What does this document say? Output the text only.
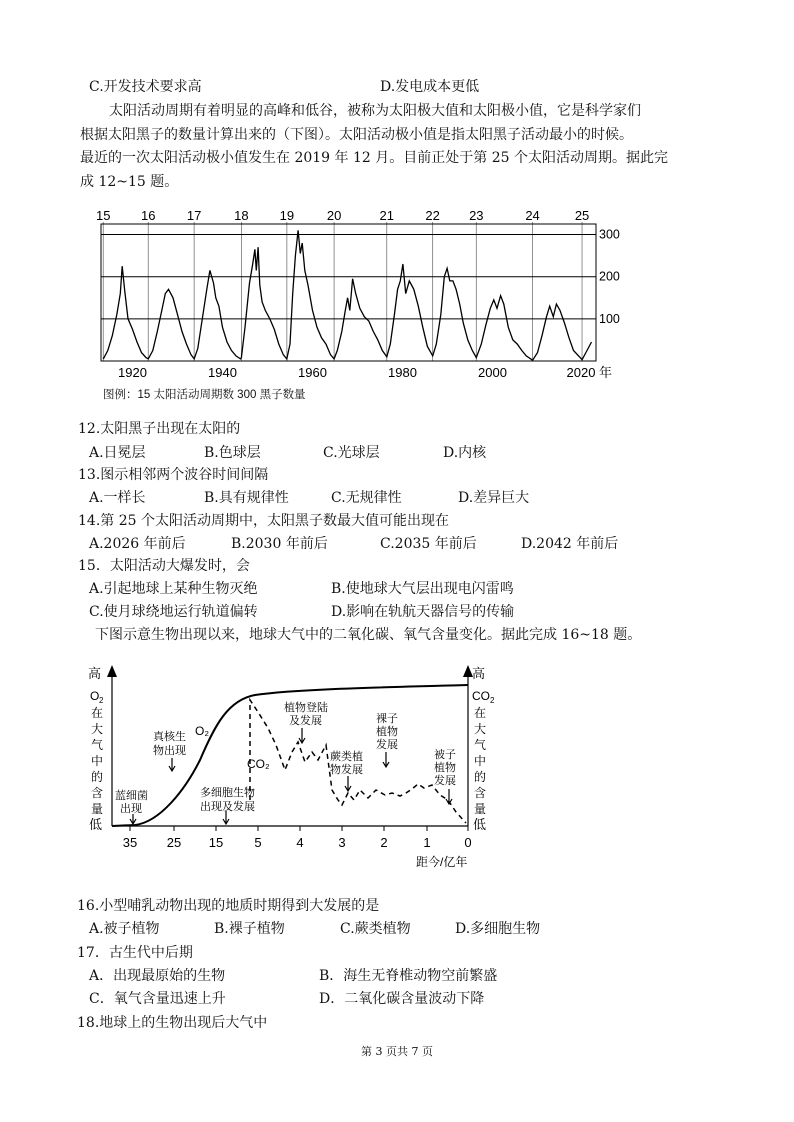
C.开发技术要求高	D.发电成本更低
太阳活动周期有着明显的高峰和低谷，被称为太阳极大值和太阳极小值，它是科学家们
根据太阳黑子的数量计算出来的（下图）。太阳活动极小值是指太阳黑子活动最小的时候。
最近的一次太阳活动极小值发生在 2019 年 12 月。目前正处于第 25 个太阳活动周期。据此完
成 12~15 题。
15 16 17	18 19	20	21 22 23	24	25
100
200
300
1920	1940	1960	1980	2000	2020 年
图例：15 太阳活动周期数 300 黑子数量
12.太阳黑子出现在太阳的
A.日冕层	B.色球层	C.光球层	D.内核
13.图示相邻两个波谷时间间隔
A.一样长	B.具有规律性	C.无规律性	D.差异巨大
14.第 25 个太阳活动周期中，太阳黑子数最大值可能出现在
A.2026 年前后	B.2030 年前后	C.2035 年前后	D.2042 年前后
15．太阳活动大爆发时，会
A.引起地球上某种生物灭绝	B.使地球大气层出现电闪雷鸣
C.使月球绕地运行轨道偏转	D.影响在轨航天器信号的传输
下图示意生物出现以来，地球大气中的二氧化碳、氧气含量变化。据此完成 16~18 题。
高
O 2
在
大
气
中
的
含
量
低
高
CO 2
在
大
气
中
的
含
量
低
35 25 15 5	4	3	2	1	0
距今/亿年
O₂
CO₂
蓝细菌
出现
真核生
物出现
多细胞生物
出现及发展
植物登陆
及发展
蕨类植
物发展
裸子
植物
发展
被子
植物
发展
16.小型哺乳动物出现的地质时期得到大发展的是
A.被子植物	B.裸子植物	C.蕨类植物	D.多细胞生物
17．古生代中后期
A．出现最原始的生物	B．海生无脊椎动物空前繁盛
C．氧气含量迅速上升	D．二氧化碳含量波动下降
18.地球上的生物出现后大气中
第 3 页共 7 页
